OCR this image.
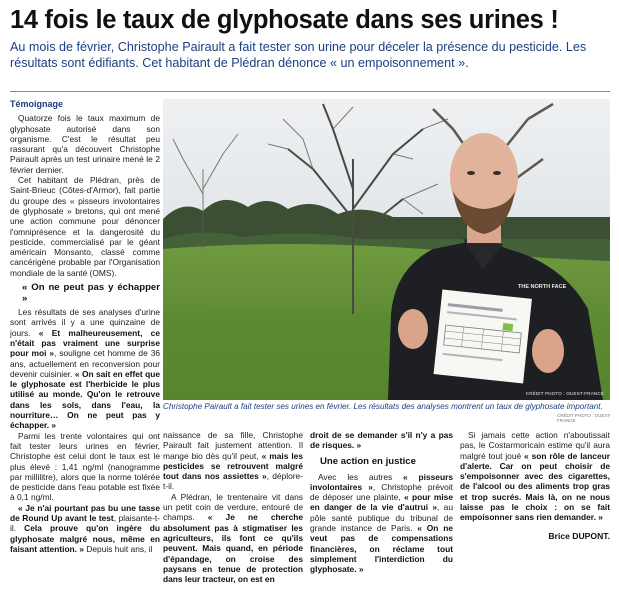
14 fois le taux de glyphosate dans ses urines !

Au mois de février, Christophe Pairault a fait tester son urine pour déceler la présence du pesticide. Les résultats sont édifiants. Cet habitant de Plédran dénonce « un empoisonnement ».

Témoignage

Quatorze fois le taux maximum de glyphosate autorisé dans son organisme. C'est le résultat peu rassurant qu'a découvert Christophe Pairault après un test urinaire mené le 2 février dernier.

Cet habitant de Plédran, près de Saint-Brieuc (Côtes-d'Armor), fait partie du groupe des « pisseurs involontaires de glyphosate » bretons, qui ont mené une action commune pour dénoncer l'omniprésence et la dangerosité du pesticide, commercialisé par le géant américain Monsanto, classé comme cancérigène probable par l'Organisation mondiale de la santé (OMS).

« On ne peut pas y échapper »

Les résultats de ses analyses d'urine sont arrivés il y a une quinzaine de jours. « Et malheureusement, ce n'était pas vraiment une surprise pour moi », souligne cet homme de 36 ans, actuellement en reconversion pour devenir cuisinier. « On sait en effet que le glyphosate est l'herbicide le plus utilisé au monde. Qu'on le retrouve dans les sols, dans l'eau, la nourriture… On ne peut pas y échapper. »

Parmi les trente volontaires qui ont fait tester leurs urines en février, Christophe est celui dont le taux est le plus élevé : 1,41 ng/ml (nanogramme par millilitre), alors que la norme tolérée de pesticide dans l'eau potable est fixée à 0,1 ng/ml.

« Je n'ai pourtant pas bu une tasse de Round Up avant le test, plaisante-t-il. Cela prouve qu'on ingère du glyphosate malgré nous, même en faisant attention. » Depuis huit ans, il

THE NORTH FACE
CRÉDIT PHOTO : OUEST-FRANCE
Christophe Pairault a fait tester ses urines en février. Les résultats des analyses montrent un taux de glyphosate important.
CRÉDIT PHOTO : OUEST-FRANCE

naissance de sa fille, Christophe Pairault fait justement attention. Il mange bio dès qu'il peut, « mais les pesticides se retrouvent malgré tout dans nos assiettes », déplore-t-il.

A Plédran, le trentenaire vit dans un petit coin de verdure, entouré de champs. « Je ne cherche absolument pas à stigmatiser les agriculteurs, ils font ce qu'ils peuvent. Mais quand, en période d'épandage, on croise des paysans en tenue de protection dans leur tracteur, on est en

droit de se demander s'il n'y a pas de risques. »

Une action en justice

Avec les autres « pisseurs involontaires », Christophe prévoit de déposer une plainte, « pour mise en danger de la vie d'autrui », au pôle santé publique du tribunal de grande instance de Paris. « On ne veut pas de compensations financières, on réclame tout simplement l'interdiction du glyphosate. »

Si jamais cette action n'aboutissait pas, le Costarmoricain estime qu'il aura malgré tout joué « son rôle de lanceur d'alerte. Car on peut choisir de s'empoisonner avec des cigarettes, de l'alcool ou des aliments trop gras et trop sucrés. Mais là, on ne nous laisse pas le choix : on se fait empoisonner sans rien demander. »

Brice DUPONT.
